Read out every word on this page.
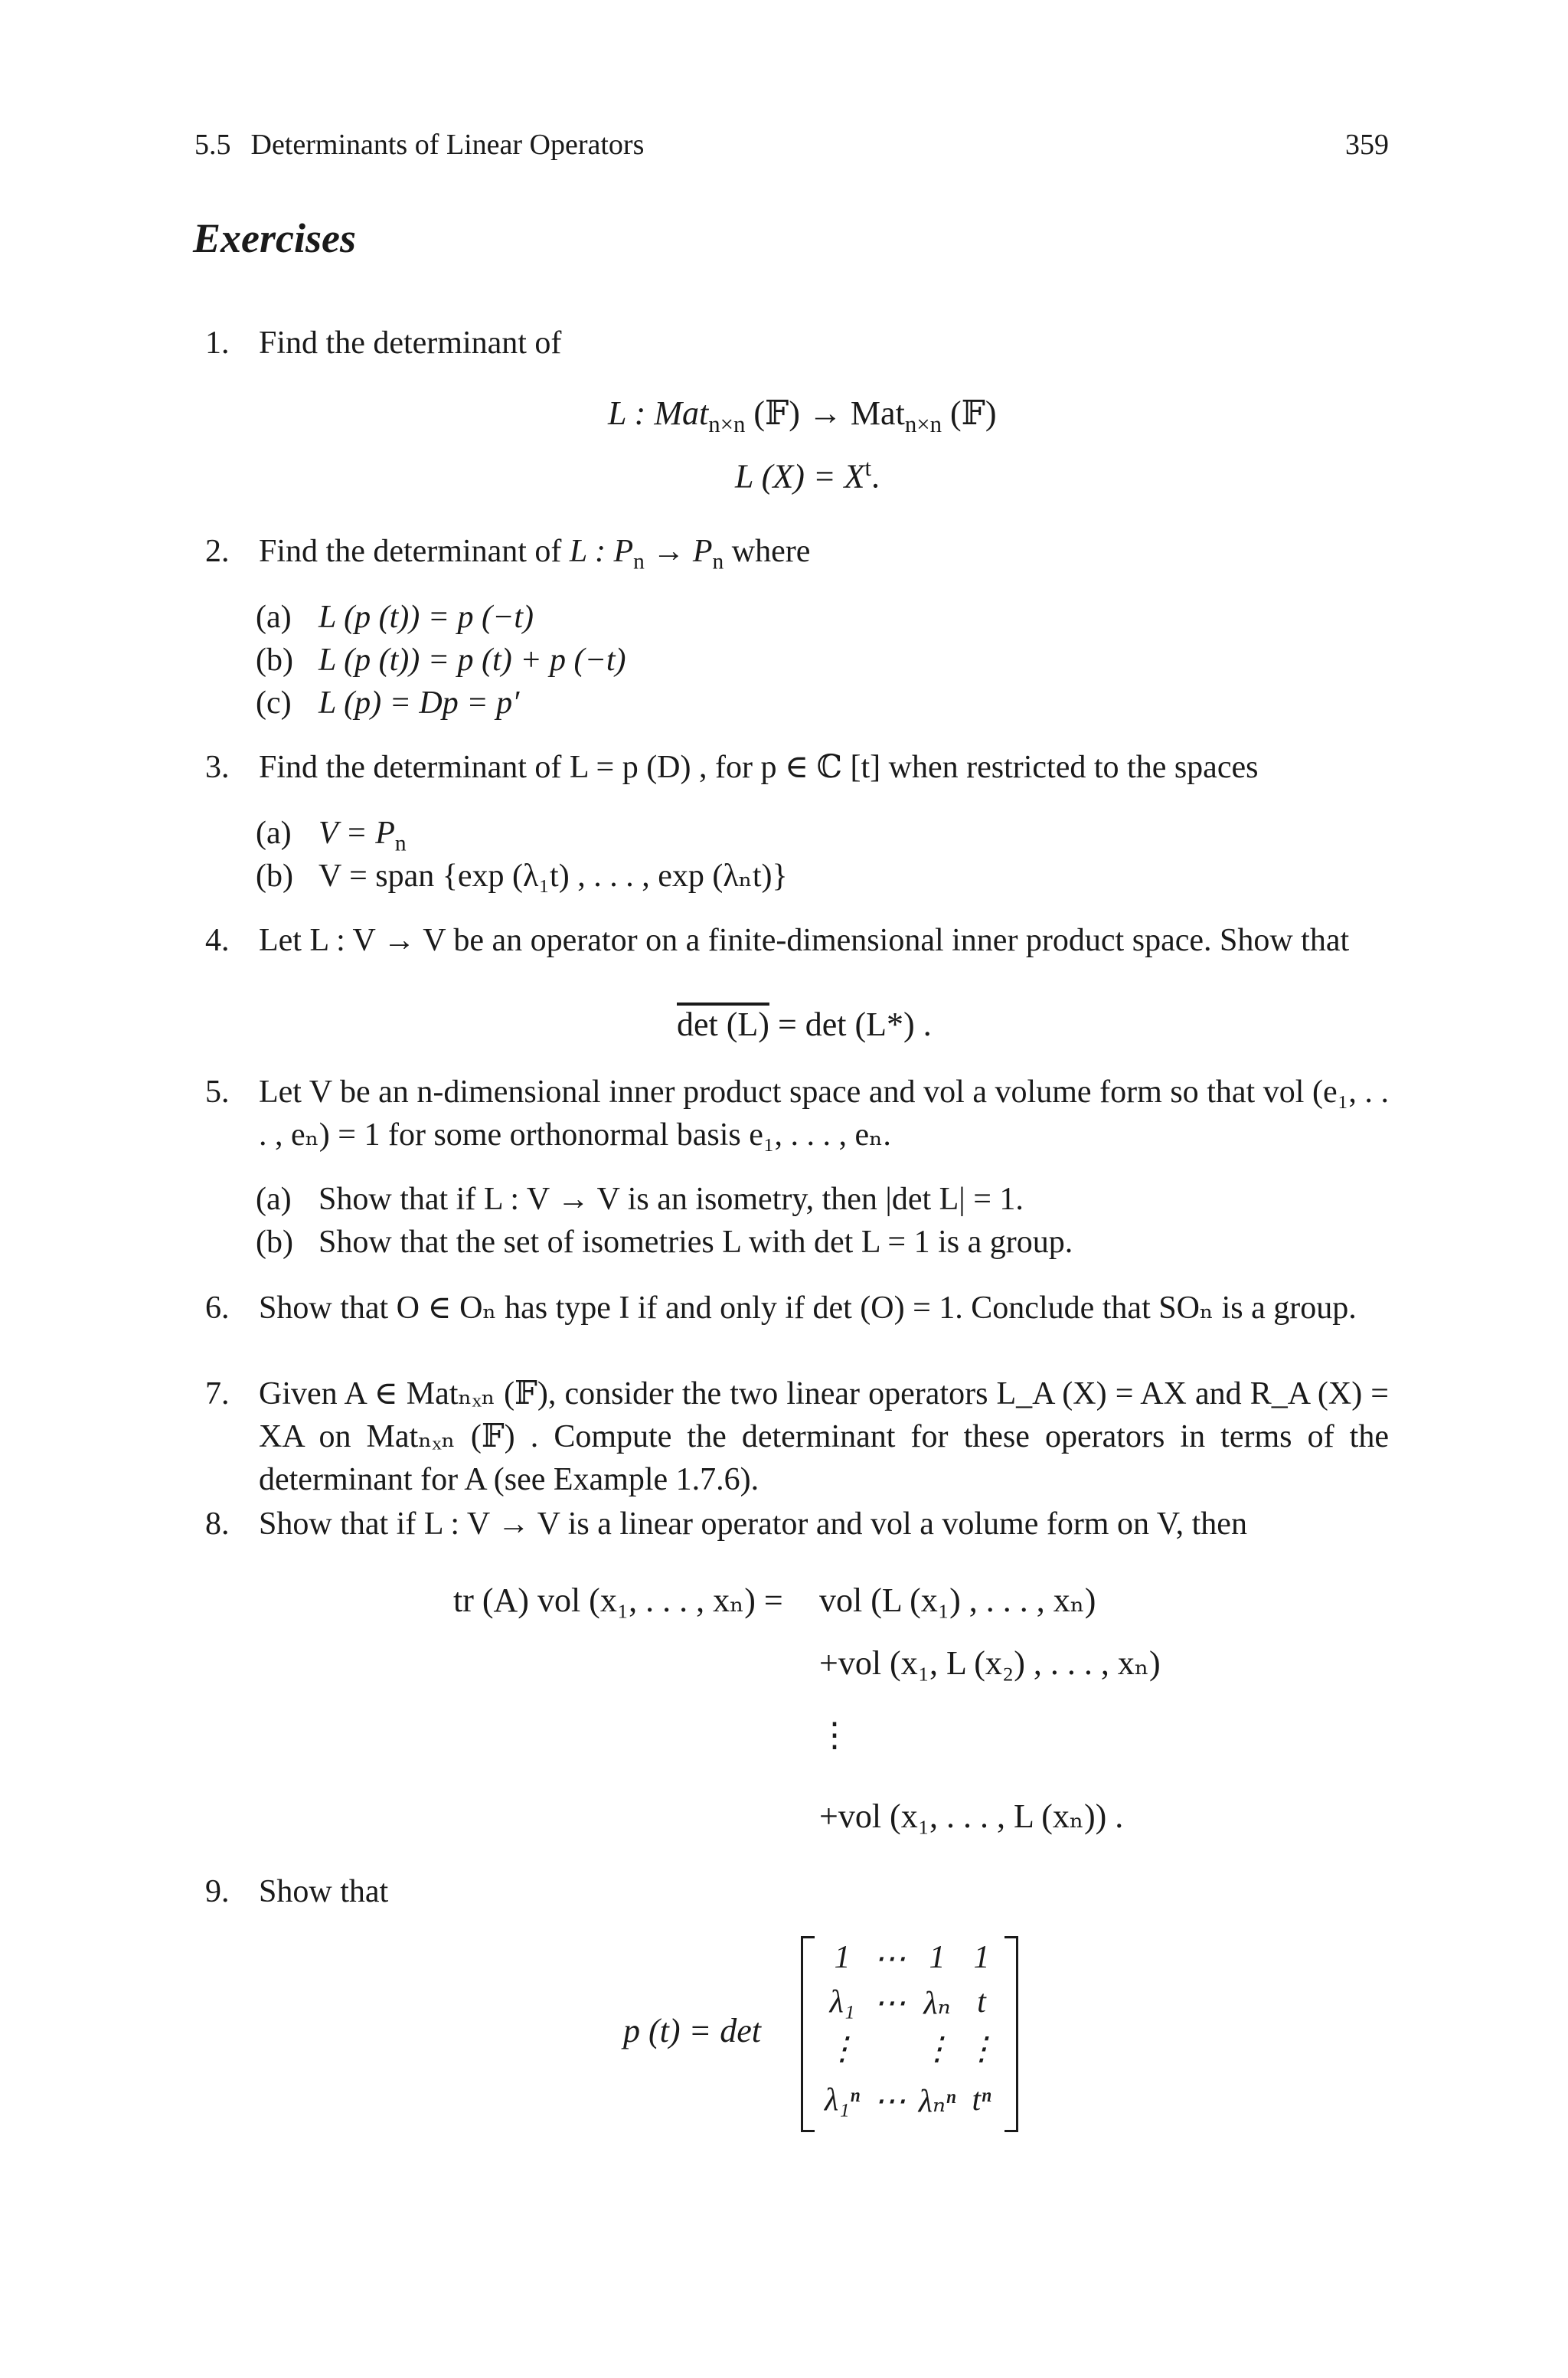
5.5 Determinants of Linear Operators	359
Exercises
1. Find the determinant of
L : Mat$_{n\times n}$ (𝔽) → Mat$_{n\times n}$ (𝔽)
L $(X) = X^t$.
2. Find the determinant of L : $P_n \to P_n$ where
(a) L (p (t)) = p (−t)
(b) L (p (t)) = p (t) + p (−t)
(c) L (p) = Dp = p′
3. Find the determinant of L = p (D) , for p ∈ ℂ [t] when restricted to the spaces
(a) $V = P_n$
(b) V = span {exp (λ₁t) , . . . , exp (λₙt)}
4. Let L : V → V be an operator on a finite-dimensional inner product space. Show that
det (L) = det (L*) .
5. Let V be an n-dimensional inner product space and vol a volume form so that vol (e₁, . . . , eₙ) = 1 for some orthonormal basis e₁, . . . , eₙ.
(a) Show that if L : V → V is an isometry, then |det L| = 1.
(b) Show that the set of isometries L with det L = 1 is a group.
6. Show that O ∈ Oₙ has type I if and only if det (O) = 1. Conclude that SOₙ is a group.
7. Given A ∈ Matₙₓₙ (𝔽), consider the two linear operators L_A (X) = AX and R_A (X) = XA on Matₙₓₙ (𝔽) . Compute the determinant for these operators in terms of the determinant for A (see Example 1.7.6).
8. Show that if L : V → V is a linear operator and vol a volume form on V, then
tr (A) vol (x₁, . . . , xₙ) = vol (L (x₁) , . . . , xₙ)
+vol (x₁, L (x₂) , . . . , xₙ)
⋮
+vol (x₁, . . . , L (xₙ)) .
9. Show that
p (t) = det
1 ⋯ 1 1
λ₁ ⋯ λₙ t
⋮	⋮ ⋮
λ₁ⁿ ⋯ λₙⁿ tⁿ
